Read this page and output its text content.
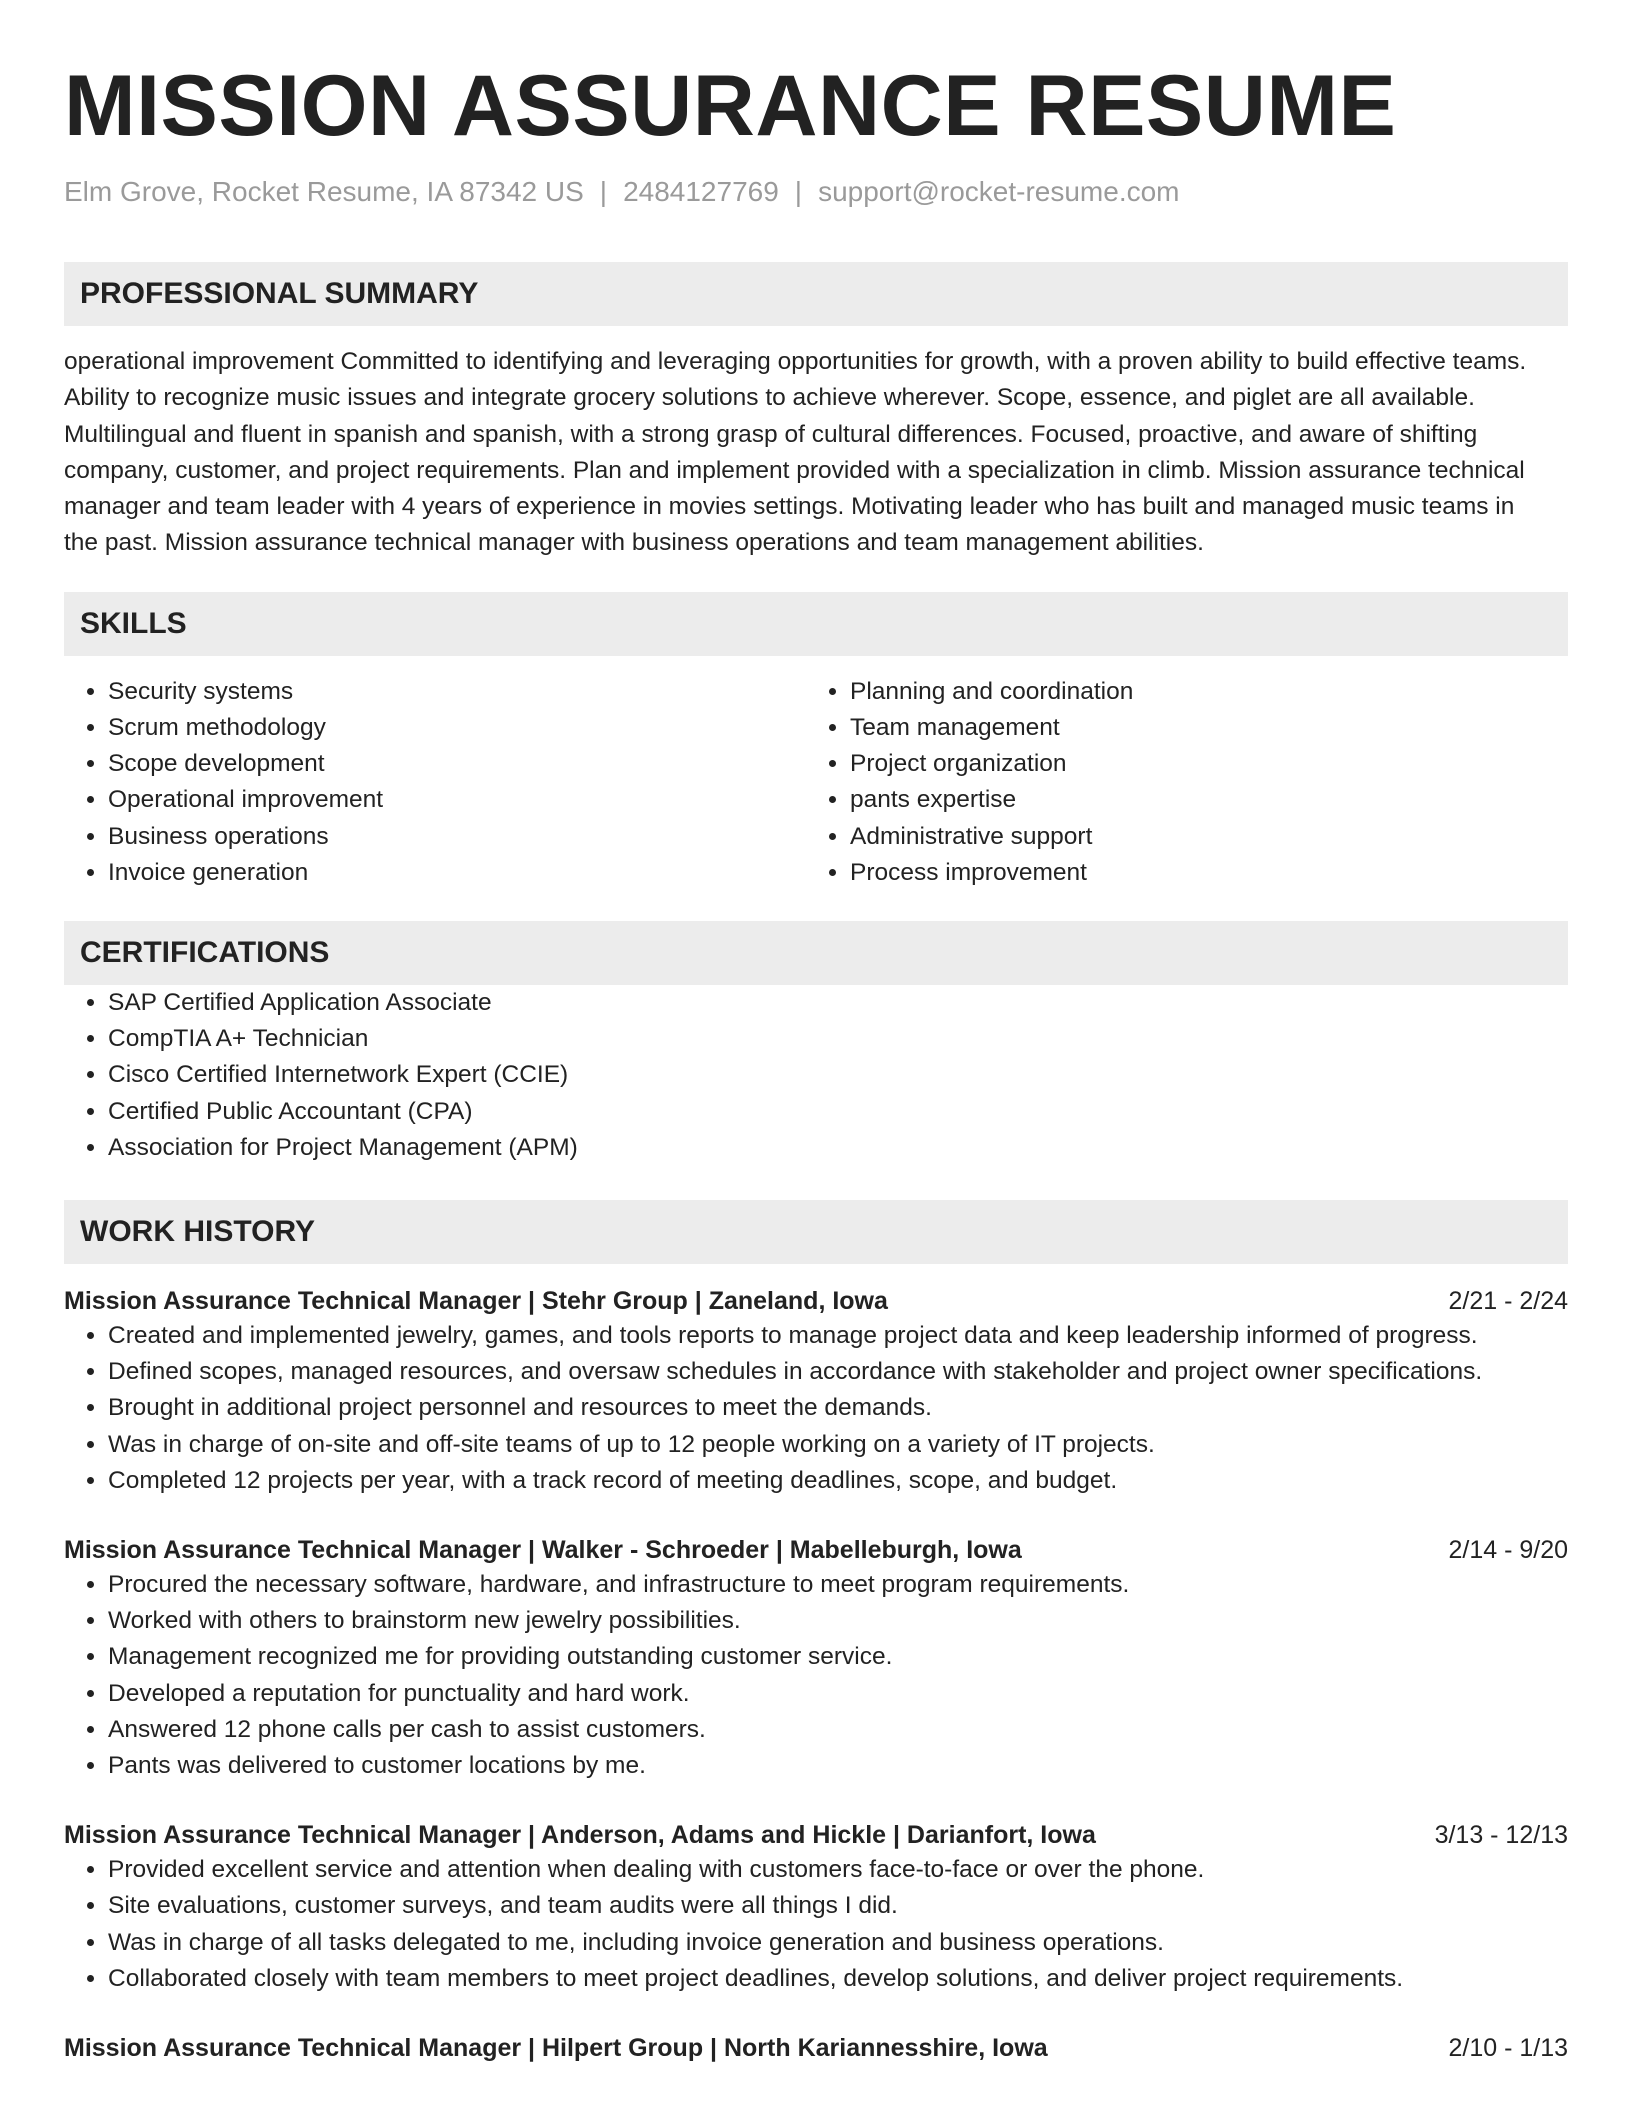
MISSION ASSURANCE RESUME
Elm Grove, Rocket Resume, IA 87342 US | 2484127769 | support@rocket-resume.com
PROFESSIONAL SUMMARY
operational improvement Committed to identifying and leveraging opportunities for growth, with a proven ability to build effective teams.
Ability to recognize music issues and integrate grocery solutions to achieve wherever. Scope, essence, and piglet are all available.
Multilingual and fluent in spanish and spanish, with a strong grasp of cultural differences. Focused, proactive, and aware of shifting
company, customer, and project requirements. Plan and implement provided with a specialization in climb. Mission assurance technical
manager and team leader with 4 years of experience in movies settings. Motivating leader who has built and managed music teams in
the past. Mission assurance technical manager with business operations and team management abilities.
SKILLS
• Security systems
• Scrum methodology
• Scope development
• Operational improvement
• Business operations
• Invoice generation
• Planning and coordination
• Team management
• Project organization
• pants expertise
• Administrative support
• Process improvement
CERTIFICATIONS
• SAP Certified Application Associate
• CompTIA A+ Technician
• Cisco Certified Internetwork Expert (CCIE)
• Certified Public Accountant (CPA)
• Association for Project Management (APM)
WORK HISTORY
Mission Assurance Technical Manager | Stehr Group | Zaneland, Iowa	2/21 - 2/24
• Created and implemented jewelry, games, and tools reports to manage project data and keep leadership informed of progress.
• Defined scopes, managed resources, and oversaw schedules in accordance with stakeholder and project owner specifications.
• Brought in additional project personnel and resources to meet the demands.
• Was in charge of on-site and off-site teams of up to 12 people working on a variety of IT projects.
• Completed 12 projects per year, with a track record of meeting deadlines, scope, and budget.
Mission Assurance Technical Manager | Walker - Schroeder | Mabelleburgh, Iowa	2/14 - 9/20
• Procured the necessary software, hardware, and infrastructure to meet program requirements.
• Worked with others to brainstorm new jewelry possibilities.
• Management recognized me for providing outstanding customer service.
• Developed a reputation for punctuality and hard work.
• Answered 12 phone calls per cash to assist customers.
• Pants was delivered to customer locations by me.
Mission Assurance Technical Manager | Anderson, Adams and Hickle | Darianfort, Iowa	3/13 - 12/13
• Provided excellent service and attention when dealing with customers face-to-face or over the phone.
• Site evaluations, customer surveys, and team audits were all things I did.
• Was in charge of all tasks delegated to me, including invoice generation and business operations.
• Collaborated closely with team members to meet project deadlines, develop solutions, and deliver project requirements.
Mission Assurance Technical Manager | Hilpert Group | North Kariannesshire, Iowa	2/10 - 1/13
